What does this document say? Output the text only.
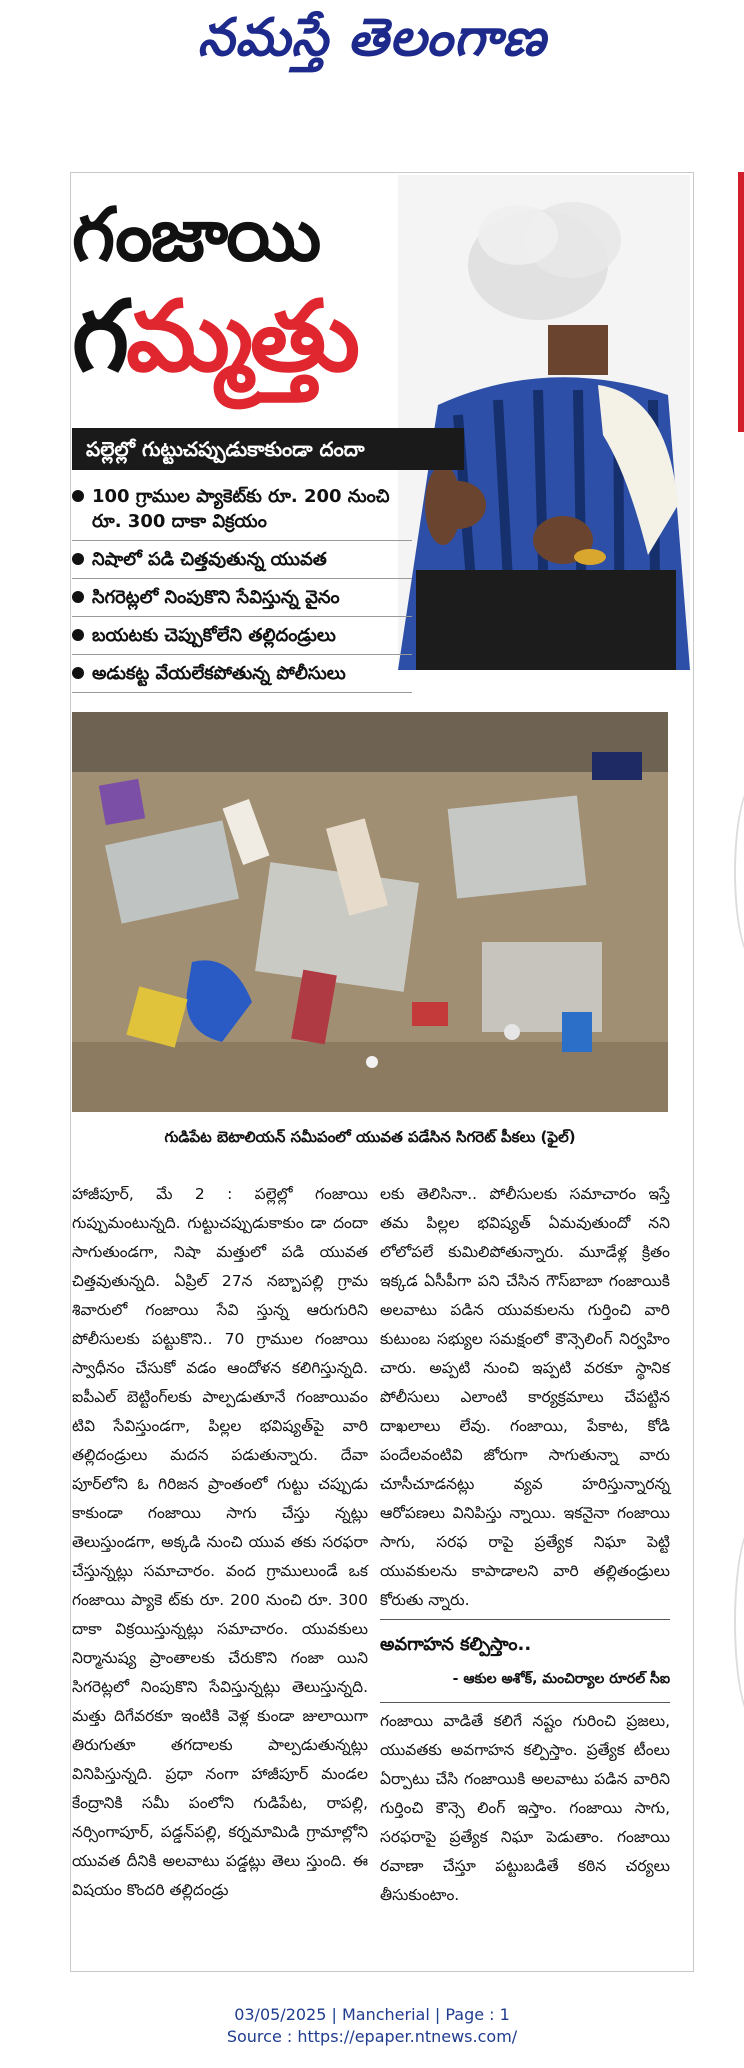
నమస్తే తెలంగాణ
గంజాయి
గమ్మత్తు
పల్లెల్లో గుట్టుచప్పుడుకాకుండా దందా
100 గ్రాముల ప్యాకెట్‌కు రూ. 200 నుంచి రూ. 300 దాకా విక్రయం
నిషాలో పడి చిత్తవుతున్న యువత
సిగరెట్లలో నింపుకొని సేవిస్తున్న వైనం
బయటకు చెప్పుకోలేని తల్లిదండ్రులు
అడుకట్ట వేయలేకపోతున్న పోలీసులు
గుడిపేట బెటాలియన్ సమీపంలో యువత పడేసిన సిగరెట్ పీకలు (ఫైల్)

హాజీపూర్, మే 2 : పల్లెల్లో గంజాయి గుప్పుమంటున్నది. గుట్టుచప్పుడుకాకుం డా దందా సాగుతుండగా, నిషా మత్తులో పడి యువత చిత్తవుతున్నది. ఏప్రిల్ 27న నబ్బాపల్లి గ్రామ శివారులో గంజాయి సేవి స్తున్న ఆరుగురిని పోలీసులకు పట్టుకొని.. 70 గ్రాముల గంజాయి స్వాధీనం చేసుకో వడం ఆందోళన కలిగిస్తున్నది. ఐపీఎల్ బెట్టింగ్‌లకు పాల్పడుతూనే గంజాయివం టివి సేవిస్తుండగా, పిల్లల భవిష్యత్‌పై వారి తల్లిదండ్రులు మదన పడుతున్నారు. దేవా పూర్‌లోని ఓ గిరిజన ప్రాంతంలో గుట్టు చప్పుడు కాకుండా గంజాయి సాగు చేస్తు న్నట్లు తెలుస్తుండగా, అక్కడి నుంచి యువ తకు సరఫరా చేస్తున్నట్లు సమాచారం. వంద గ్రాములుండే ఒక గంజాయి ప్యాకె ట్‌కు రూ. 200 నుంచి రూ. 300 దాకా విక్రయిస్తున్నట్లు సమాచారం. యువకులు నిర్మానుష్య ప్రాంతాలకు చేరుకొని గంజా యిని సిగరెట్లలో నింపుకొని సేవిస్తున్నట్లు తెలుస్తున్నది. మత్తు దిగేవరకూ ఇంటికి వెళ్ల కుండా జులాయిగా తిరుగుతూ తగదాలకు పాల్పడుతున్నట్లు వినిపిస్తున్నది. ప్రధా నంగా హాజీపూర్ మండల కేంద్రానికి సమీ పంలోని గుడిపేట, రాపల్లి, నర్సింగాపూర్, పడ్డన్‌పల్లి, కర్నమామిడి గ్రామాల్లోని యువత దీనికి అలవాటు పడ్డట్లు తెలు స్తుంది. ఈ విషయం కొందరి తల్లిదండ్రు

లకు తెలిసినా.. పోలీసులకు సమాచారం ఇస్తే తమ పిల్లల భవిష్యత్ ఏమవుతుందో నని లోలోపలే కుమిలిపోతున్నారు. మూడేళ్ల క్రితం ఇక్కడ ఏసీపీగా పని చేసిన గౌస్‌బాబా గంజాయికి అలవాటు పడిన యువకులను గుర్తించి వారి కుటుంబ సభ్యుల సమక్షంలో కౌన్సెలింగ్ నిర్వహిం చారు. అప్పటి నుంచి ఇప్పటి వరకూ స్థానిక పోలీసులు ఎలాంటి కార్యక్రమాలు చేపట్టిన దాఖలాలు లేవు. గంజాయి, పేకాట, కోడి పందేలవంటివి జోరుగా సాగుతున్నా వారు చూసీచూడనట్లు వ్యవ హరిస్తున్నారన్న ఆరోపణలు వినిపిస్తు న్నాయి. ఇకనైనా గంజాయి సాగు, సరఫ రాపై ప్రత్యేక నిఘా పెట్టి యువకులను కాపాడాలని వారి తల్లితండ్రులు కోరుతు న్నారు.

అవగాహన కల్పిస్తాం..
- ఆకుల అశోక్, మంచిర్యాల రూరల్ సీఐ

గంజాయి వాడితే కలిగే నష్టం గురించి ప్రజలు, యువతకు అవగాహన కల్పిస్తాం. ప్రత్యేక టీంలు ఏర్పాటు చేసి గంజాయికి అలవాటు పడిన వారిని గుర్తించి కౌన్సె లింగ్ ఇస్తాం. గంజాయి సాగు, సరఫరాపై ప్రత్యేక నిఘా పెడుతాం. గంజాయి రవాణా చేస్తూ పట్టుబడితే కఠిన చర్యలు తీసుకుంటాం.

03/05/2025 | Mancherial | Page : 1
Source : https://epaper.ntnews.com/
